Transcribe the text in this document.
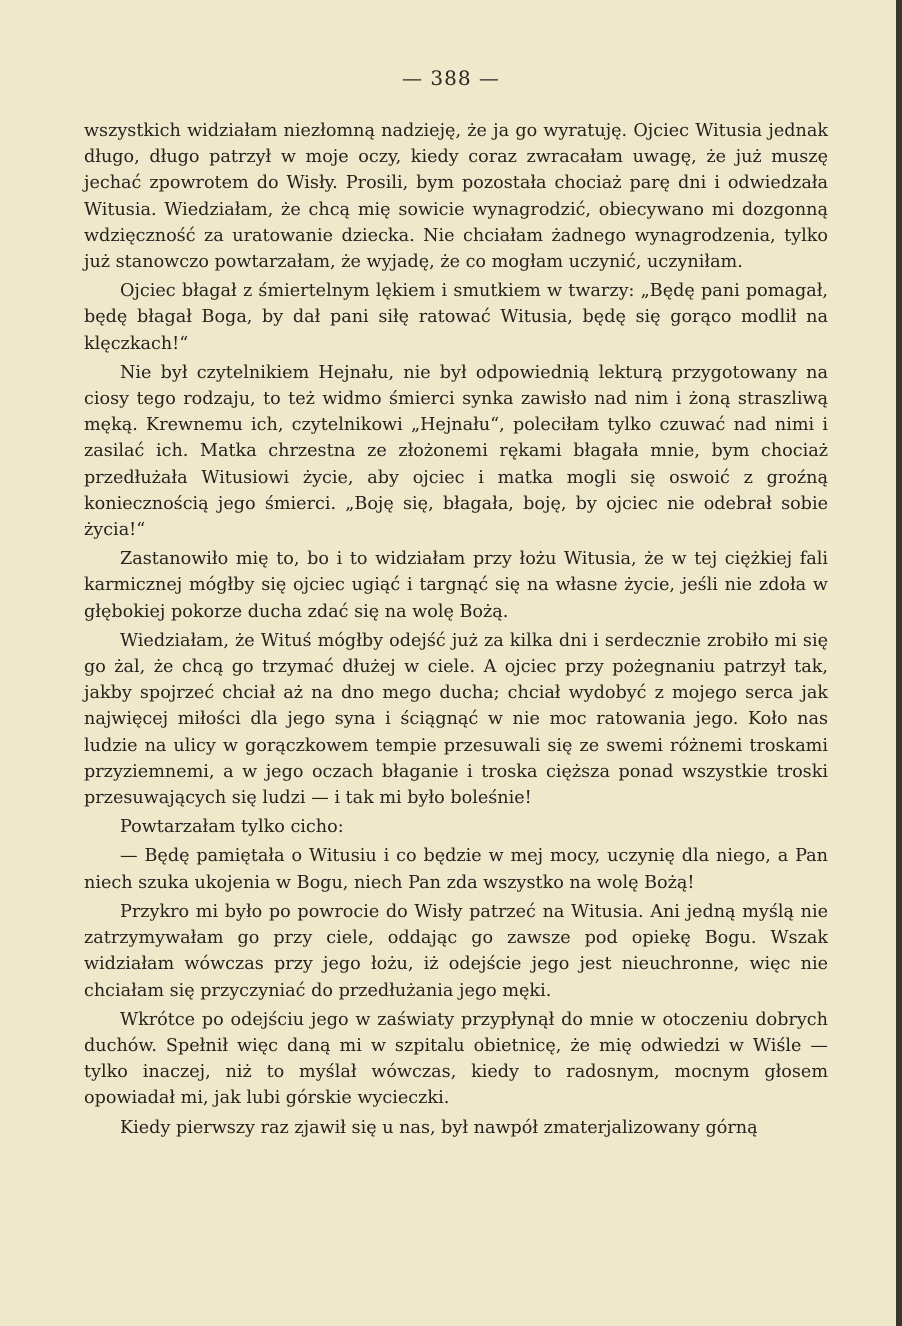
— 388 —

wszystkich widziałam niezłomną nadzieję, że ja go wyratuję. Ojciec Witusia jednak długo, długo patrzył w moje oczy, kiedy coraz zwracałam uwagę, że już muszę jechać zpowrotem do Wisły. Prosili, bym pozostała chociaż parę dni i odwiedzała Witusia. Wiedziałam, że chcą mię sowicie wynagrodzić, obiecywano mi dozgonną wdzięczność za uratowanie dziecka. Nie chciałam żadnego wynagrodzenia, tylko już stanowczo powtarzałam, że wyjadę, że co mogłam uczynić, uczyniłam.

Ojciec błagał z śmiertelnym lękiem i smutkiem w twarzy: „Będę pani pomagał, będę błagał Boga, by dał pani siłę ratować Witusia, będę się gorąco modlił na klęczkach!“

Nie był czytelnikiem Hejnału, nie był odpowiednią lekturą przygotowany na ciosy tego rodzaju, to też widmo śmierci synka zawisło nad nim i żoną straszliwą męką. Krewnemu ich, czytelnikowi „Hejnału“, poleciłam tylko czuwać nad nimi i zasilać ich. Matka chrzestna ze złożonemi rękami błagała mnie, bym chociaż przedłużała Witusiowi życie, aby ojciec i matka mogli się oswoić z groźną koniecznością jego śmierci. „Boję się, błagała, boję, by ojciec nie odebrał sobie życia!“

Zastanowiło mię to, bo i to widziałam przy łożu Witusia, że w tej ciężkiej fali karmicznej mógłby się ojciec ugiąć i targnąć się na własne życie, jeśli nie zdoła w głębokiej pokorze ducha zdać się na wolę Bożą.

Wiedziałam, że Wituś mógłby odejść już za kilka dni i serdecznie zrobiło mi się go żal, że chcą go trzymać dłużej w ciele. A ojciec przy pożegnaniu patrzył tak, jakby spojrzeć chciał aż na dno mego ducha; chciał wydobyć z mojego serca jak najwięcej miłości dla jego syna i ściągnąć w nie moc ratowania jego. Koło nas ludzie na ulicy w gorączkowem tempie przesuwali się ze swemi różnemi troskami przyziemnemi, a w jego oczach błaganie i troska cięższa ponad wszystkie troski przesuwających się ludzi — i tak mi było boleśnie!

Powtarzałam tylko cicho:

— Będę pamiętała o Witusiu i co będzie w mej mocy, uczynię dla niego, a Pan niech szuka ukojenia w Bogu, niech Pan zda wszystko na wolę Bożą!

Przykro mi było po powrocie do Wisły patrzeć na Witusia. Ani jedną myślą nie zatrzymywałam go przy ciele, oddając go zawsze pod opiekę Bogu. Wszak widziałam wówczas przy jego łożu, iż odejście jego jest nieuchronne, więc nie chciałam się przyczyniać do przedłużania jego męki.

Wkrótce po odejściu jego w zaświaty przypłynął do mnie w otoczeniu dobrych duchów. Spełnił więc daną mi w szpitalu obietnicę, że mię odwiedzi w Wiśle — tylko inaczej, niż to myślał wówczas, kiedy to radosnym, mocnym głosem opowiadał mi, jak lubi górskie wycieczki.

Kiedy pierwszy raz zjawił się u nas, był nawpół zmaterjalizowany górną
